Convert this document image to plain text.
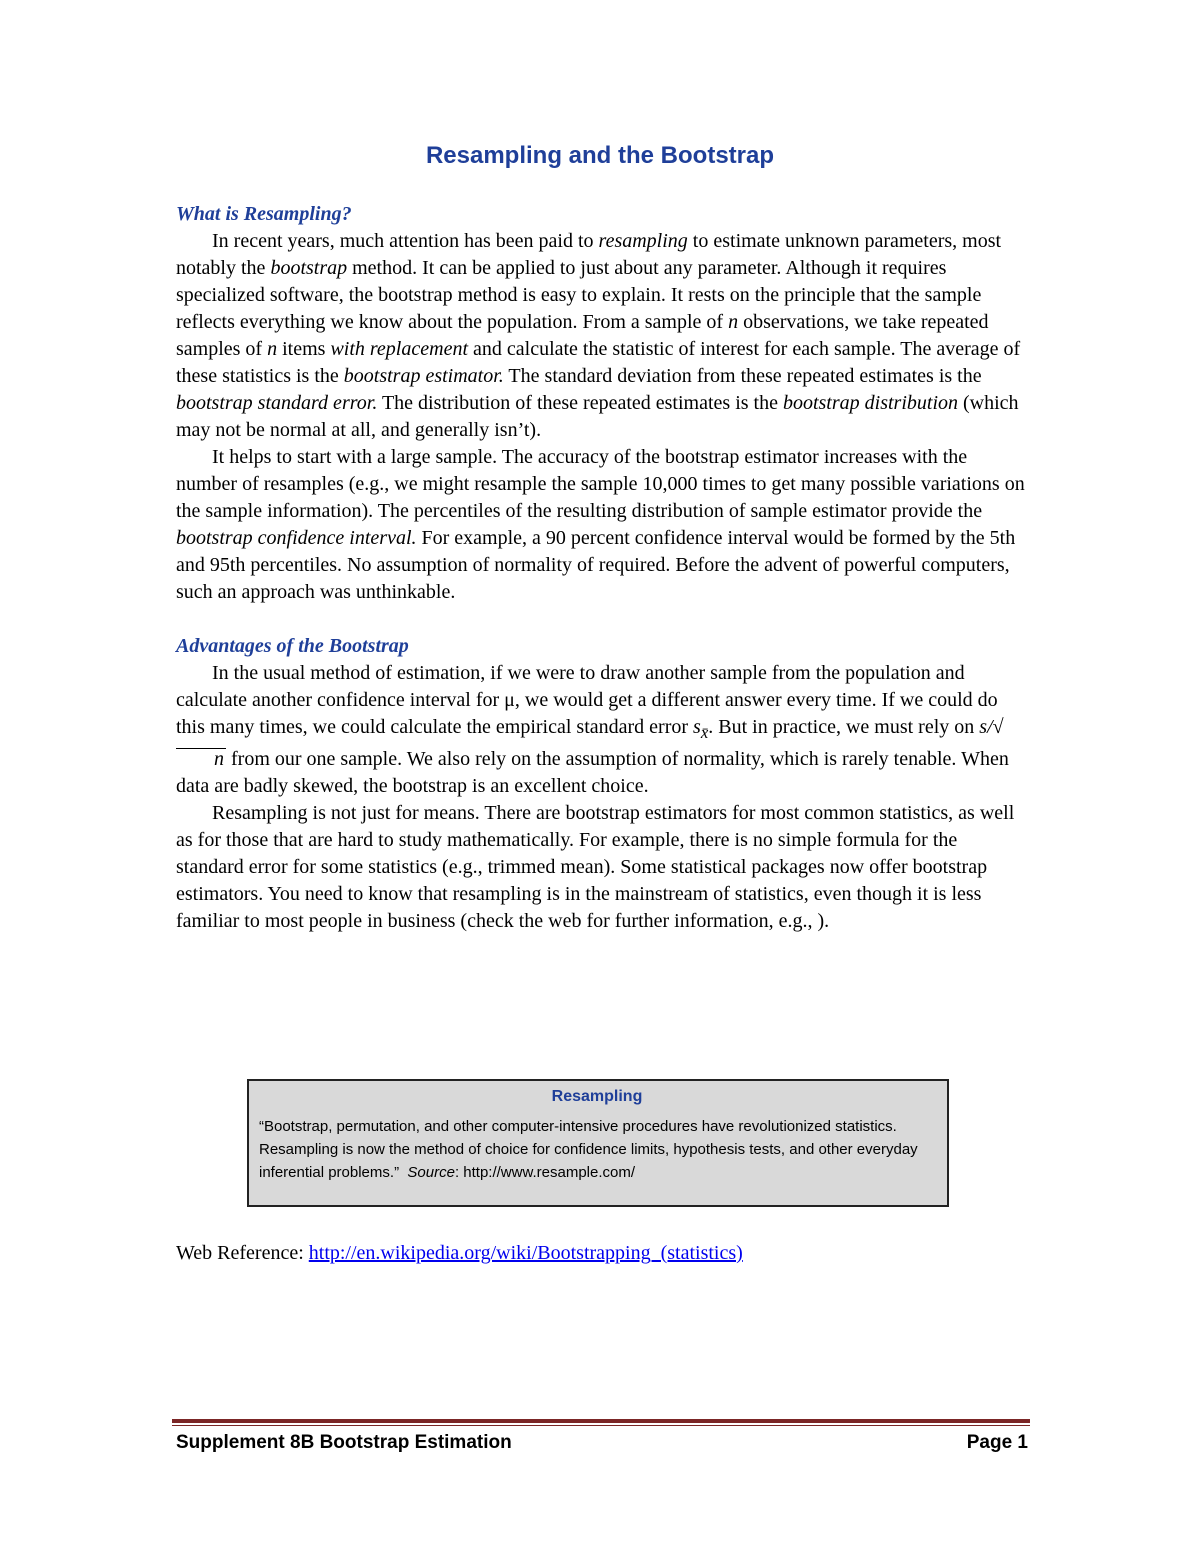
Resampling and the Bootstrap

What is Resampling?

In recent years, much attention has been paid to resampling to estimate unknown parameters, most notably the bootstrap method. It can be applied to just about any parameter. Although it requires specialized software, the bootstrap method is easy to explain. It rests on the principle that the sample reflects everything we know about the population. From a sample of n observations, we take repeated samples of n items with replacement and calculate the statistic of interest for each sample. The average of these statistics is the bootstrap estimator. The standard deviation from these repeated estimates is the bootstrap standard error. The distribution of these repeated estimates is the bootstrap distribution (which may not be normal at all, and generally isn’t).

It helps to start with a large sample. The accuracy of the bootstrap estimator increases with the number of resamples (e.g., we might resample the sample 10,000 times to get many possible variations on the sample information). The percentiles of the resulting distribution of sample estimator provide the bootstrap confidence interval. For example, a 90 percent confidence interval would be formed by the 5th and 95th percentiles. No assumption of normality of required. Before the advent of powerful computers, such an approach was unthinkable.

Advantages of the Bootstrap

In the usual method of estimation, if we were to draw another sample from the population and calculate another confidence interval for μ, we would get a different answer every time. If we could do this many times, we could calculate the empirical standard error $s_{x̄}$. But in practice, we must rely on s/√n from our one sample. We also rely on the assumption of normality, which is rarely tenable. When data are badly skewed, the bootstrap is an excellent choice.

Resampling is not just for means. There are bootstrap estimators for most common statistics, as well as for those that are hard to study mathematically. For example, there is no simple formula for the standard error for some statistics (e.g., trimmed mean). Some statistical packages now offer bootstrap estimators. You need to know that resampling is in the mainstream of statistics, even though it is less familiar to most people in business (check the web for further information, e.g., ).

Resampling

“Bootstrap, permutation, and other computer-intensive procedures have revolutionized statistics. Resampling is now the method of choice for confidence limits, hypothesis tests, and other everyday inferential problems.” Source: http://www.resample.com/

Web Reference: http://en.wikipedia.org/wiki/Bootstrapping_(statistics)
Supplement 8B Bootstrap Estimation	Page 1
